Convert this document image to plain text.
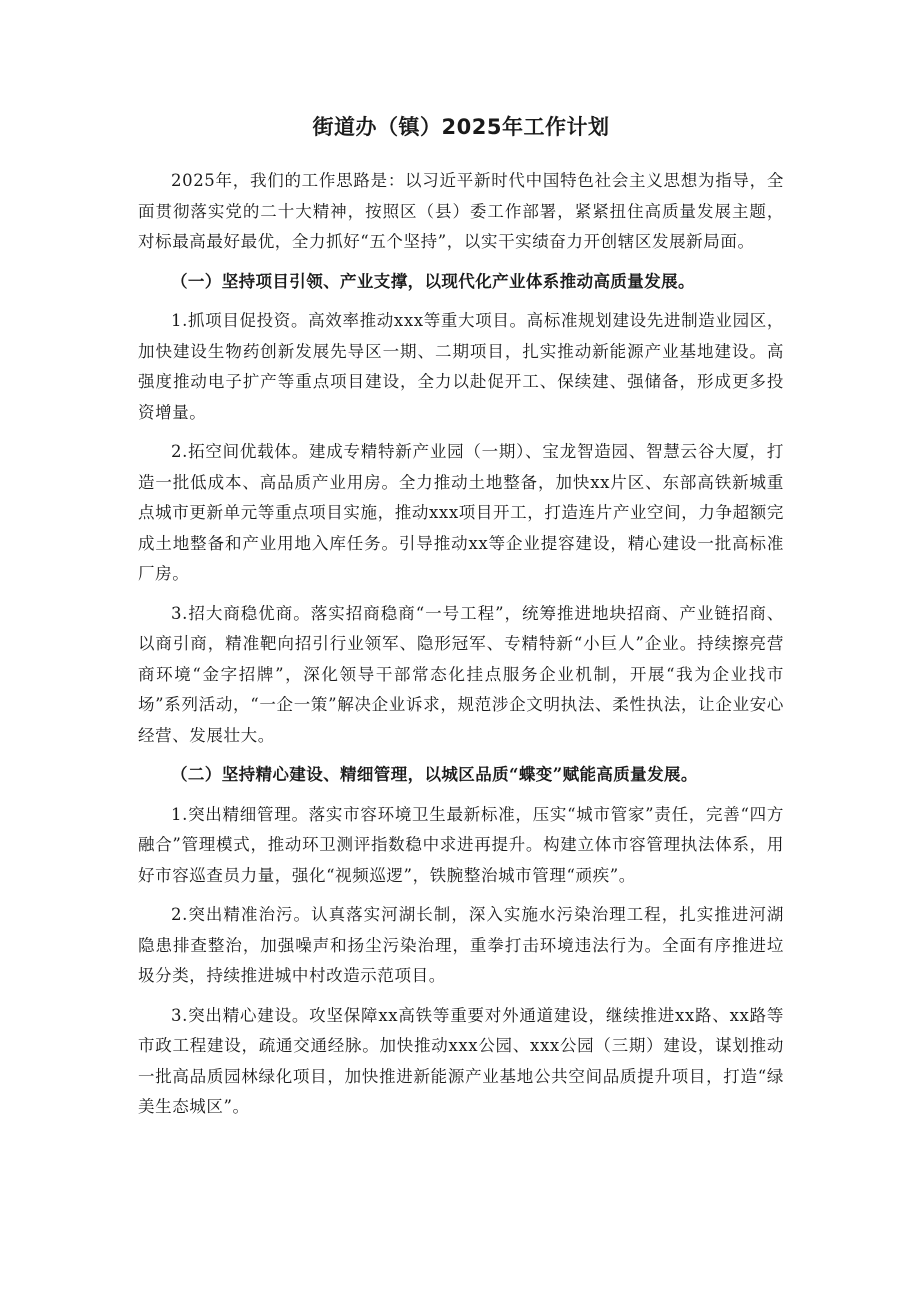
街道办（镇）2025年工作计划

2025年，我们的工作思路是：以习近平新时代中国特色社会主义思想为指导，全面贯彻落实党的二十大精神，按照区（县）委工作部署，紧紧扭住高质量发展主题，对标最高最好最优，全力抓好“五个坚持”，以实干实绩奋力开创辖区发展新局面。

（一）坚持项目引领、产业支撑，以现代化产业体系推动高质量发展。

1.抓项目促投资。高效率推动xxx等重大项目。高标准规划建设先进制造业园区，加快建设生物药创新发展先导区一期、二期项目，扎实推动新能源产业基地建设。高强度推动电子扩产等重点项目建设，全力以赴促开工、保续建、强储备，形成更多投资增量。

2.拓空间优载体。建成专精特新产业园（一期）、宝龙智造园、智慧云谷大厦，打造一批低成本、高品质产业用房。全力推动土地整备，加快xx片区、东部高铁新城重点城市更新单元等重点项目实施，推动xxx项目开工，打造连片产业空间，力争超额完成土地整备和产业用地入库任务。引导推动xx等企业提容建设，精心建设一批高标准厂房。

3.招大商稳优商。落实招商稳商“一号工程”，统筹推进地块招商、产业链招商、以商引商，精准靶向招引行业领军、隐形冠军、专精特新“小巨人”企业。持续擦亮营商环境“金字招牌”，深化领导干部常态化挂点服务企业机制，开展“我为企业找市场”系列活动，“一企一策”解决企业诉求，规范涉企文明执法、柔性执法，让企业安心经营、发展壮大。

（二）坚持精心建设、精细管理，以城区品质“蝶变”赋能高质量发展。

1.突出精细管理。落实市容环境卫生最新标准，压实“城市管家”责任，完善“四方融合”管理模式，推动环卫测评指数稳中求进再提升。构建立体市容管理执法体系，用好市容巡查员力量，强化“视频巡逻”，铁腕整治城市管理“顽疾”。

2.突出精准治污。认真落实河湖长制，深入实施水污染治理工程，扎实推进河湖隐患排查整治，加强噪声和扬尘污染治理，重拳打击环境违法行为。全面有序推进垃圾分类，持续推进城中村改造示范项目。

3.突出精心建设。攻坚保障xx高铁等重要对外通道建设，继续推进xx路、xx路等市政工程建设，疏通交通经脉。加快推动xxx公园、xxx公园（三期）建设，谋划推动一批高品质园林绿化项目，加快推进新能源产业基地公共空间品质提升项目，打造“绿美生态城区”。
